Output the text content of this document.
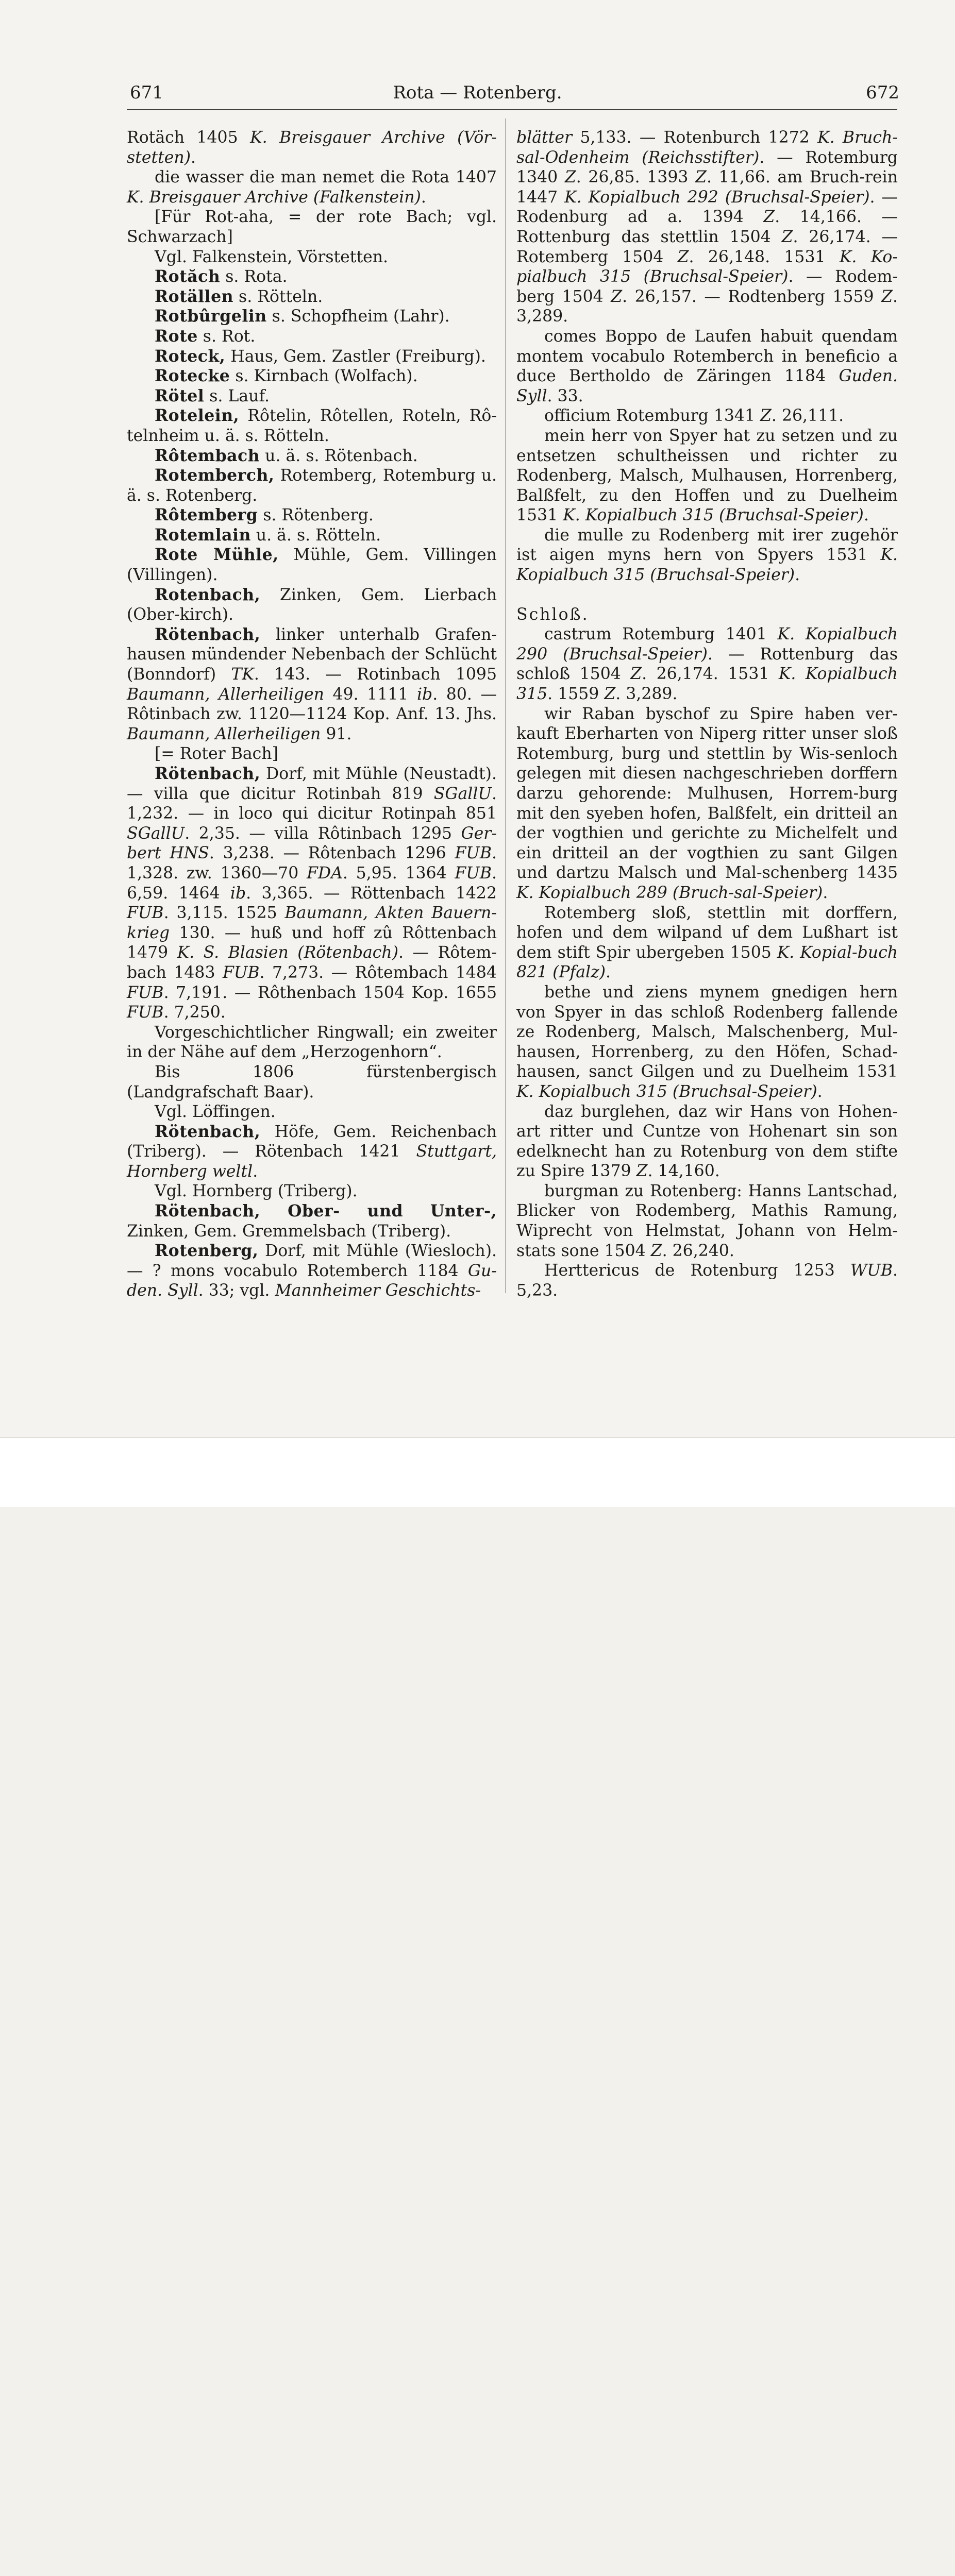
671	Rota — Rotenberg.	672

Rotäch 1405 K. Breisgauer Archive (Vör-stetten).

die wasser die man nemet die Rota 1407 K. Breisgauer Archive (Falkenstein).

[Für Rot-aha, = der rote Bach; vgl. Schwarzach]

Vgl. Falkenstein, Vörstetten.

Rotăch s. Rota.

Rotällen s. Rötteln.

Rotbûrgelin s. Schopfheim (Lahr).

Rote s. Rot.

Roteck, Haus, Gem. Zastler (Freiburg).

Rotecke s. Kirnbach (Wolfach).

Rötel s. Lauf.

Rotelein, Rôtelin, Rôtellen, Roteln, Rô-telnheim u. ä. s. Rötteln.

Rôtembach u. ä. s. Rötenbach.

Rotemberch, Rotemberg, Rotemburg u. ä. s. Rotenberg.

Rôtemberg s. Rötenberg.

Rotemlain u. ä. s. Rötteln.

Rote Mühle, Mühle, Gem. Villingen (Villingen).

Rotenbach, Zinken, Gem. Lierbach (Ober-kirch).

Rötenbach, linker unterhalb Grafen-hausen mündender Nebenbach der Schlücht (Bonndorf) TK. 143. — Rotinbach 1095 Baumann, Allerheiligen 49. 1111 ib. 80. — Rôtinbach zw. 1120—1124 Kop. Anf. 13. Jhs. Baumann, Allerheiligen 91.

[= Roter Bach]

Rötenbach, Dorf, mit Mühle (Neustadt). — villa que dicitur Rotinbah 819 SGallU. 1,232. — in loco qui dicitur Rotinpah 851 SGallU. 2,35. — villa Rôtinbach 1295 Ger-bert HNS. 3,238. — Rôtenbach 1296 FUB. 1,328. zw. 1360—70 FDA. 5,95. 1364 FUB. 6,59. 1464 ib. 3,365. — Röttenbach 1422 FUB. 3,115. 1525 Baumann, Akten Bauern-krieg 130. — huß und hoff zû Rôttenbach 1479 K. S. Blasien (Rötenbach). — Rôtem-bach 1483 FUB. 7,273. — Rôtembach 1484 FUB. 7,191. — Rôthenbach 1504 Kop. 1655 FUB. 7,250.

Vorgeschichtlicher Ringwall; ein zweiter in der Nähe auf dem „Herzogenhorn“.

Bis 1806 fürstenbergisch (Landgrafschaft Baar).

Vgl. Löffingen.

Rötenbach, Höfe, Gem. Reichenbach (Triberg). — Rötenbach 1421 Stuttgart, Hornberg weltl.

Vgl. Hornberg (Triberg).

Rötenbach, Ober- und Unter-, Zinken, Gem. Gremmelsbach (Triberg).

Rotenberg, Dorf, mit Mühle (Wiesloch). — ? mons vocabulo Rotemberch 1184 Gu-den. Syll. 33; vgl. Mannheimer Geschichts-

blätter 5,133. — Rotenburch 1272 K. Bruch-sal-Odenheim (Reichsstifter). — Rotemburg 1340 Z. 26,85. 1393 Z. 11,66. am Bruch-rein 1447 K. Kopialbuch 292 (Bruchsal-Speier). — Rodenburg ad a. 1394 Z. 14,166. — Rottenburg das stettlin 1504 Z. 26,174. — Rotemberg 1504 Z. 26,148. 1531 K. Ko-pialbuch 315 (Bruchsal-Speier). — Rodem-berg 1504 Z. 26,157. — Rodtenberg 1559 Z. 3,289.

comes Boppo de Laufen habuit quendam montem vocabulo Rotemberch in beneficio a duce Bertholdo de Zäringen 1184 Guden. Syll. 33.

officium Rotemburg 1341 Z. 26,111.

mein herr von Spyer hat zu setzen und zu entsetzen schultheissen und richter zu Rodenberg, Malsch, Mulhausen, Horrenberg, Balßfelt, zu den Hoffen und zu Duelheim 1531 K. Kopialbuch 315 (Bruchsal-Speier).

die mulle zu Rodenberg mit irer zugehör ist aigen myns hern von Spyers 1531 K. Kopialbuch 315 (Bruchsal-Speier).

Schloß.

castrum Rotemburg 1401 K. Kopialbuch 290 (Bruchsal-Speier). — Rottenburg das schloß 1504 Z. 26,174. 1531 K. Kopialbuch 315. 1559 Z. 3,289.

wir Raban byschof zu Spire haben ver-kauft Eberharten von Niperg ritter unser sloß Rotemburg, burg und stettlin by Wis-senloch gelegen mit diesen nachgeschrieben dorffern darzu gehorende: Mulhusen, Horrem-burg mit den syeben hofen, Balßfelt, ein dritteil an der vogthien und gerichte zu Michelfelt und ein dritteil an der vogthien zu sant Gilgen und dartzu Malsch und Mal-schenberg 1435 K. Kopialbuch 289 (Bruch-sal-Speier).

Rotemberg sloß, stettlin mit dorffern, hofen und dem wilpand uf dem Lußhart ist dem stift Spir ubergeben 1505 K. Kopial-buch 821 (Pfalz).

bethe und ziens mynem gnedigen hern von Spyer in das schloß Rodenberg fallende ze Rodenberg, Malsch, Malschenberg, Mul-hausen, Horrenberg, zu den Höfen, Schad-hausen, sanct Gilgen und zu Duelheim 1531 K. Kopialbuch 315 (Bruchsal-Speier).

daz burglehen, daz wir Hans von Hohen-art ritter und Cuntze von Hohenart sin son edelknecht han zu Rotenburg von dem stifte zu Spire 1379 Z. 14,160.

burgman zu Rotenberg: Hanns Lantschad, Blicker von Rodemberg, Mathis Ramung, Wiprecht von Helmstat, Johann von Helm-stats sone 1504 Z. 26,240.

Herttericus de Rotenburg 1253 WUB. 5,23.
